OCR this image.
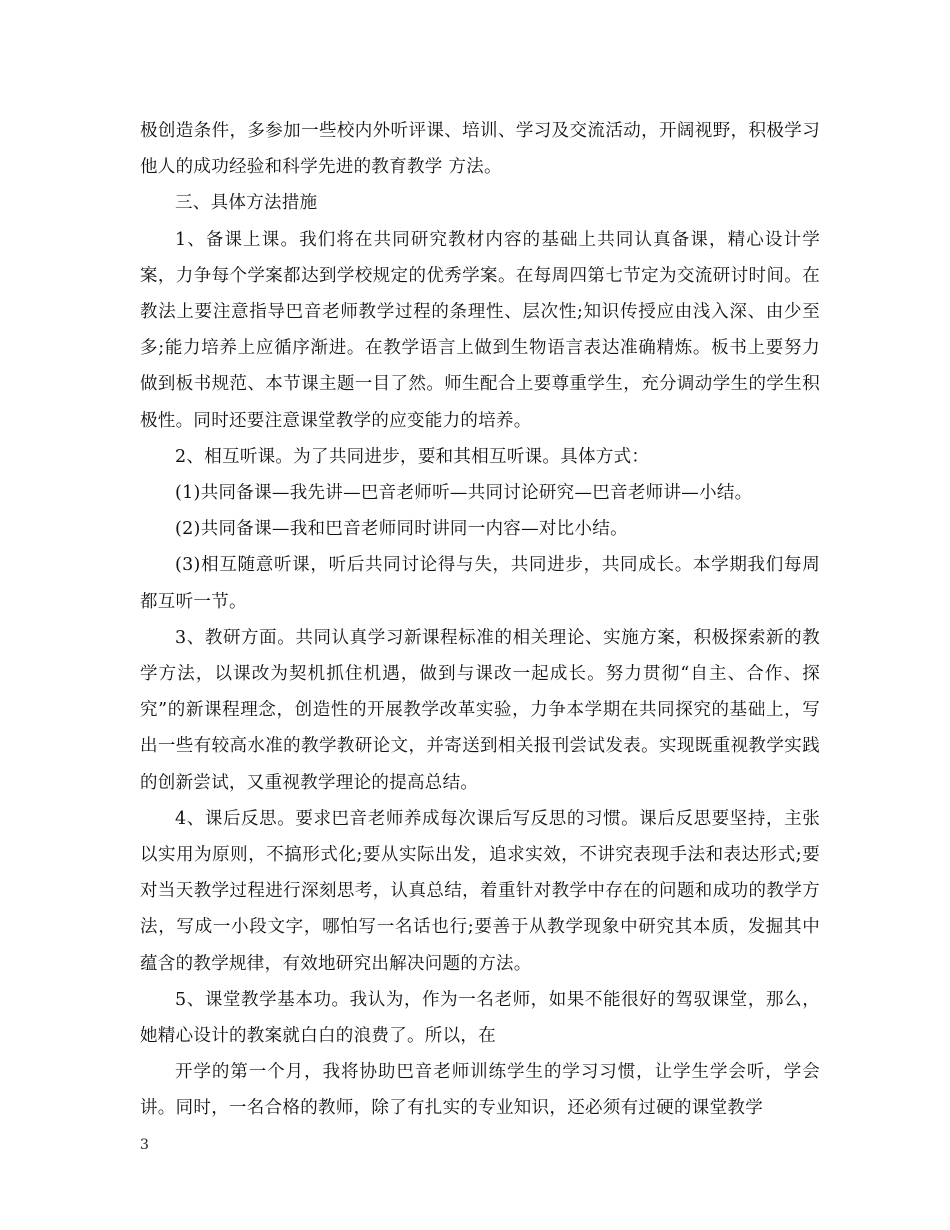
极创造条件，多参加一些校内外听评课、培训、学习及交流活动，开阔视野，积极学习他人的成功经验和科学先进的教育教学 方法。

三、具体方法措施

1、备课上课。我们将在共同研究教材内容的基础上共同认真备课，精心设计学案，力争每个学案都达到学校规定的优秀学案。在每周四第七节定为交流研讨时间。在教法上要注意指导巴音老师教学过程的条理性、层次性;知识传授应由浅入深、由少至多;能力培养上应循序渐进。在教学语言上做到生物语言表达准确精炼。板书上要努力做到板书规范、本节课主题一目了然。师生配合上要尊重学生，充分调动学生的学生积极性。同时还要注意课堂教学的应变能力的培养。

2、相互听课。为了共同进步，要和其相互听课。具体方式：

(1)共同备课—我先讲—巴音老师听—共同讨论研究—巴音老师讲—小结。

(2)共同备课—我和巴音老师同时讲同一内容—对比小结。

(3)相互随意听课，听后共同讨论得与失，共同进步，共同成长。本学期我们每周都互听一节。

3、教研方面。共同认真学习新课程标准的相关理论、实施方案，积极探索新的教学方法，以课改为契机抓住机遇，做到与课改一起成长。努力贯彻“自主、合作、探究”的新课程理念，创造性的开展教学改革实验，力争本学期在共同探究的基础上，写出一些有较高水准的教学教研论文，并寄送到相关报刊尝试发表。实现既重视教学实践的创新尝试，又重视教学理论的提高总结。

4、课后反思。要求巴音老师养成每次课后写反思的习惯。课后反思要坚持，主张以实用为原则，不搞形式化;要从实际出发，追求实效，不讲究表现手法和表达形式;要对当天教学过程进行深刻思考，认真总结，着重针对教学中存在的问题和成功的教学方法，写成一小段文字，哪怕写一名话也行;要善于从教学现象中研究其本质，发掘其中蕴含的教学规律，有效地研究出解决问题的方法。

5、课堂教学基本功。我认为，作为一名老师，如果不能很好的驾驭课堂，那么，她精心设计的教案就白白的浪费了。所以，在

开学的第一个月，我将协助巴音老师训练学生的学习习惯，让学生学会听，学会讲。同时，一名合格的教师，除了有扎实的专业知识，还必须有过硬的课堂教学

3
